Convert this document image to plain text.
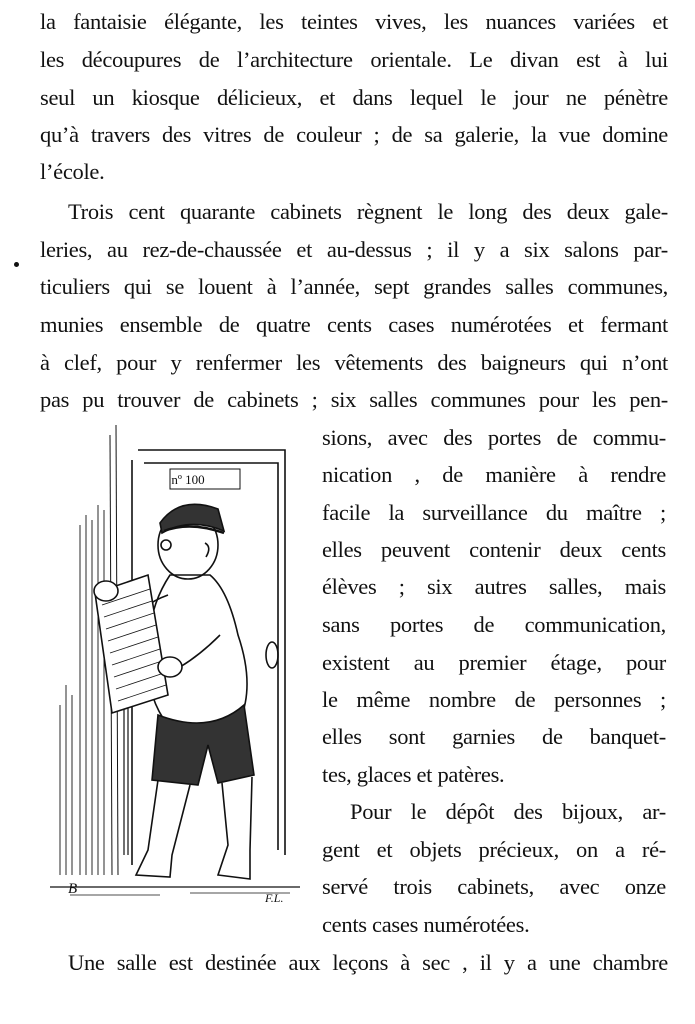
la fantaisie élégante, les teintes vives, les nuances variées et
les découpures de l’architecture orientale. Le divan est à lui
seul un kiosque délicieux, et dans lequel le jour ne pénètre
qu’à travers des vitres de couleur ; de sa galerie, la vue domine
l’école.
Trois cent quarante cabinets règnent le long des deux gale-
leries, au rez-de-chaussée et au-dessus ; il y a six salons par-
ticuliers qui se louent à l’année, sept grandes salles communes,
munies ensemble de quatre cents cases numérotées et fermant
à clef, pour y renfermer les vêtements des baigneurs qui n’ont
pas pu trouver de cabinets ; six salles communes pour les pen-
sions, avec des portes de commu-
nication , de manière à rendre
facile la surveillance du maître ;
elles peuvent contenir deux cents
élèves ; six autres salles, mais
sans portes de communication,
existent au premier étage, pour
le même nombre de personnes ;
elles sont garnies de banquet-
tes, glaces et patères.
Pour le dépôt des bijoux, ar-
gent et objets précieux, on a ré-
servé trois cabinets, avec onze
cents cases numérotées.
Une salle est destinée aux leçons à sec , il y a une chambre
nº 100
F.L.
B
